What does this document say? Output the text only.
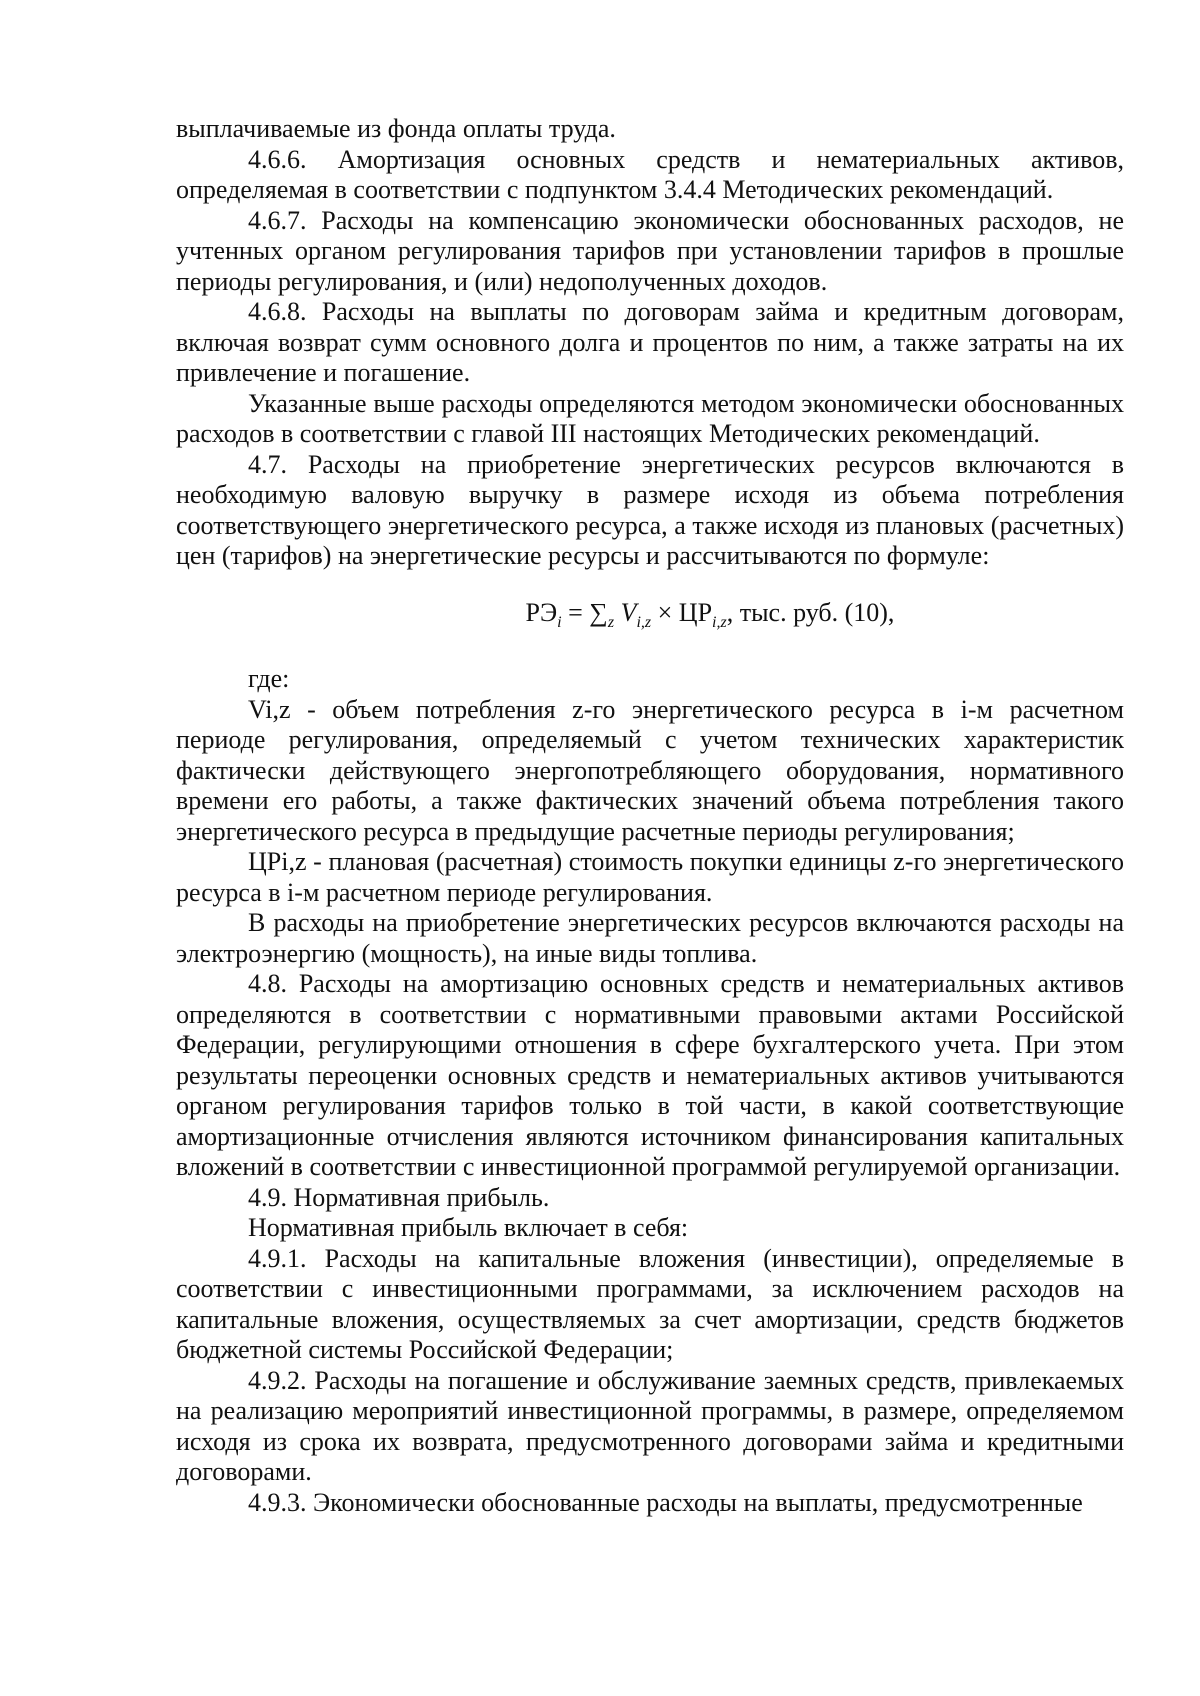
выплачиваемые из фонда оплаты труда.

4.6.6. Амортизация основных средств и нематериальных активов, определяемая в соответствии с подпунктом 3.4.4 Методических рекомендаций.

4.6.7. Расходы на компенсацию экономически обоснованных расходов, не учтенных органом регулирования тарифов при установлении тарифов в прошлые периоды регулирования, и (или) недополученных доходов.

4.6.8. Расходы на выплаты по договорам займа и кредитным договорам, включая возврат сумм основного долга и процентов по ним, а также затраты на их привлечение и погашение.

Указанные выше расходы определяются методом экономически обоснованных расходов в соответствии с главой III настоящих Методических рекомендаций.

4.7. Расходы на приобретение энергетических ресурсов включаются в необходимую валовую выручку в размере исходя из объема потребления соответствующего энергетического ресурса, а также исходя из плановых (расчетных) цен (тарифов) на энергетические ресурсы и рассчитываются по формуле:

$РЭ_i = \sum_z$ $V_{i,z} \times ЦР_{i,z}$, тыс. руб. (10),

где:

Vi,z - объем потребления z-го энергетического ресурса в i-м расчетном периоде регулирования, определяемый с учетом технических характеристик фактически действующего энергопотребляющего оборудования, нормативного времени его работы, а также фактических значений объема потребления такого энергетического ресурса в предыдущие расчетные периоды регулирования;

ЦРi,z - плановая (расчетная) стоимость покупки единицы z-го энергетического ресурса в i-м расчетном периоде регулирования.

В расходы на приобретение энергетических ресурсов включаются расходы на электроэнергию (мощность), на иные виды топлива.

4.8. Расходы на амортизацию основных средств и нематериальных активов определяются в соответствии с нормативными правовыми актами Российской Федерации, регулирующими отношения в сфере бухгалтерского учета. При этом результаты переоценки основных средств и нематериальных активов учитываются органом регулирования тарифов только в той части, в какой соответствующие амортизационные отчисления являются источником финансирования капитальных вложений в соответствии с инвестиционной программой регулируемой организации.

4.9. Нормативная прибыль.

Нормативная прибыль включает в себя:

4.9.1. Расходы на капитальные вложения (инвестиции), определяемые в соответствии с инвестиционными программами, за исключением расходов на капитальные вложения, осуществляемых за счет амортизации, средств бюджетов бюджетной системы Российской Федерации;

4.9.2. Расходы на погашение и обслуживание заемных средств, привлекаемых на реализацию мероприятий инвестиционной программы, в размере, определяемом исходя из срока их возврата, предусмотренного договорами займа и кредитными договорами.

4.9.3. Экономически обоснованные расходы на выплаты, предусмотренные
